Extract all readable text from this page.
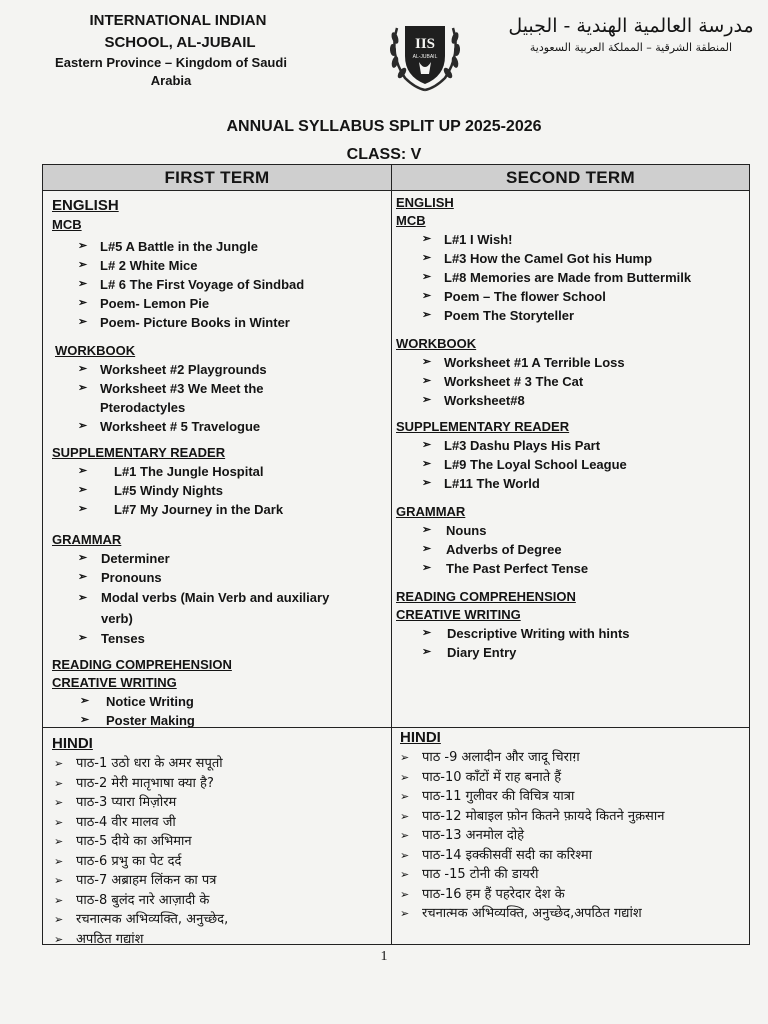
INTERNATIONAL INDIAN
SCHOOL, AL-JUBAIL
Eastern Province – Kingdom of Saudi
Arabia
IIS
AL-JUBAIL
مدرسة العالمية الهندية - الجبيل
المنطقة الشرقية – المملكة العربية السعودية
ANNUAL SYLLABUS SPLIT UP 2025-2026
CLASS: V
FIRST TERM	SECOND TERM
ENGLISH
MCB
➢ L#5 A Battle in the Jungle
➢ L# 2 White Mice
➢ L# 6 The First Voyage of Sindbad
➢ Poem- Lemon Pie
➢ Poem- Picture Books in Winter
WORKBOOK
➢ Worksheet #2 Playgrounds
➢ Worksheet #3 We Meet the
Pterodactyles
➢ Worksheet # 5 Travelogue
SUPPLEMENTARY READER
➢ L#1 The Jungle Hospital
➢ L#5 Windy Nights
➢ L#7 My Journey in the Dark
GRAMMAR
➢ Determiner
➢ Pronouns
➢ Modal verbs (Main Verb and auxiliary
verb)
➢ Tenses
READING COMPREHENSION
CREATIVE WRITING
➢ Notice Writing
➢ Poster Making
ENGLISH
MCB
➢ L#1 I Wish!
➢ L#3 How the Camel Got his Hump
➢ L#8 Memories are Made from Buttermilk
➢ Poem – The flower School
➢ Poem The Storyteller
WORKBOOK
➢ Worksheet #1 A Terrible Loss
➢ Worksheet # 3 The Cat
➢ Worksheet#8
SUPPLEMENTARY READER
➢ L#3 Dashu Plays His Part
➢ L#9 The Loyal School League
➢ L#11 The World
GRAMMAR
➢ Nouns
➢ Adverbs of Degree
➢ The Past Perfect Tense
READING COMPREHENSION
CREATIVE WRITING
➢ Descriptive Writing with hints
➢ Diary Entry
HINDI
➢ पाठ-1 उठो धरा के अमर सपूतो
➢ पाठ-2 मेरी मातृभाषा क्या है?
➢ पाठ-3 प्यारा मिज़ोरम
➢ पाठ-4 वीर मालव जी
➢ पाठ-5 दीये का अभिमान
➢ पाठ-6 प्रभु का पेट दर्द
➢ पाठ-7 अब्राहम लिंकन का पत्र
➢ पाठ-8 बुलंद नारे आज़ादी के
➢ रचनात्मक अभिव्यक्ति, अनुच्छेद,
➢ अपठित गद्यांश
HINDI
➢ पाठ -9 अलादीन और जादू चिराग़
➢ पाठ-10 काँटों में राह बनाते हैं
➢ पाठ-11 गुलीवर की विचित्र यात्रा
➢ पाठ-12 मोबाइल फ़ोन कितने फ़ायदे कितने नुक़सान
➢ पाठ-13 अनमोल दोहे
➢ पाठ-14 इक्कीसवीं सदी का करिश्मा
➢ पाठ -15 टोनी की डायरी
➢ पाठ-16 हम हैं पहरेदार देश के
➢ रचनात्मक अभिव्यक्ति, अनुच्छेद,अपठित गद्यांश
1
